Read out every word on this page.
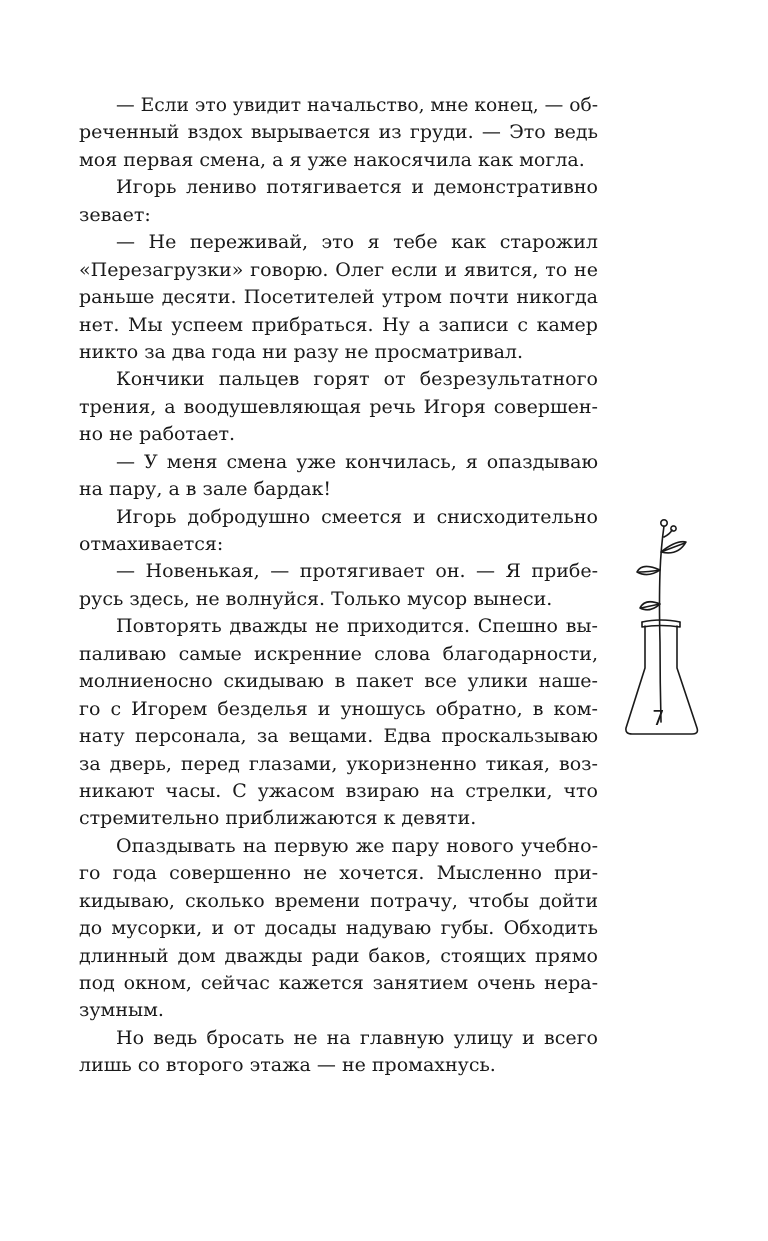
— Если это увидит начальство, мне конец, — об-
реченный вздох вырывается из груди. — Это ведь
моя первая смена, а я уже накосячила как могла.
Игорь лениво потягивается и демонстративно
зевает:
— Не переживай, это я тебе как старожил
«Перезагрузки» говорю. Олег если и явится, то не
раньше десяти. Посетителей утром почти никогда
нет. Мы успеем прибраться. Ну а записи с камер
никто за два года ни разу не просматривал.
Кончики пальцев горят от безрезультатного
трения, а воодушевляющая речь Игоря совершен-
но не работает.
— У меня смена уже кончилась, я опаздываю
на пару, а в зале бардак!
Игорь добродушно смеется и снисходительно
отмахивается:
— Новенькая, — протягивает он. — Я прибе-
русь здесь, не волнуйся. Только мусор вынеси.
Повторять дважды не приходится. Спешно вы-
паливаю самые искренние слова благодарности,
молниеносно скидываю в пакет все улики наше-
го с Игорем безделья и уношусь обратно, в ком-
нату персонала, за вещами. Едва проскальзываю
за дверь, перед глазами, укоризненно тикая, воз-
никают часы. С ужасом взираю на стрелки, что
стремительно приближаются к девяти.
Опаздывать на первую же пару нового учебно-
го года совершенно не хочется. Мысленно при-
кидываю, сколько времени потрачу, чтобы дойти
до мусорки, и от досады надуваю губы. Обходить
длинный дом дважды ради баков, стоящих прямо
под окном, сейчас кажется занятием очень нера-
зумным.
Но ведь бросать не на главную улицу и всего
лишь со второго этажа — не промахнусь.
7
